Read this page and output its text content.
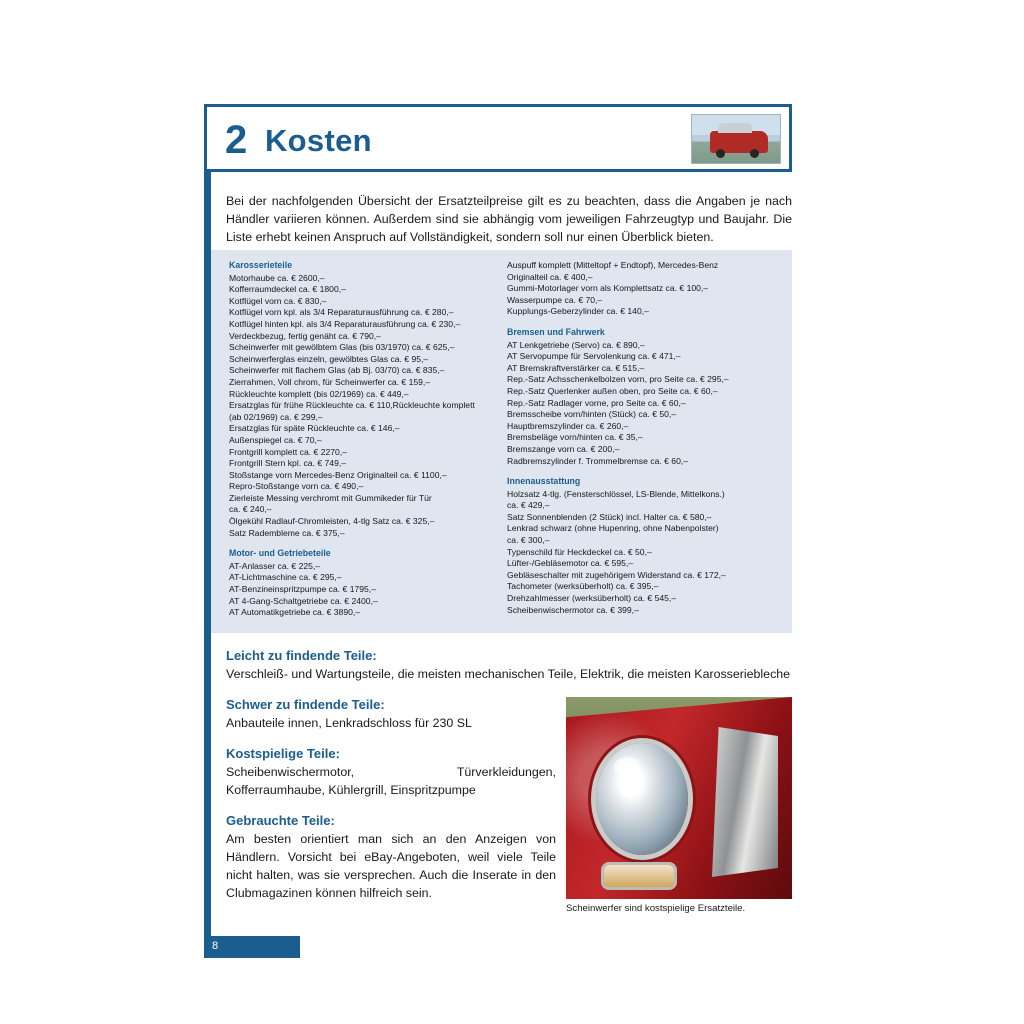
2 Kosten
Bei der nachfolgenden Übersicht der Ersatzteilpreise gilt es zu beachten, dass die Angaben je nach Händler variieren können. Außerdem sind sie abhängig vom jeweiligen Fahrzeugtyp und Baujahr. Die Liste erhebt keinen Anspruch auf Vollständigkeit, sondern soll nur einen Überblick bieten.
Karosserieteile
Motorhaube ca. € 2600,–
Kofferraumdeckel ca. € 1800,–
Kotflügel vorn ca. € 830,–
Kotflügel vorn kpl. als 3/4 Reparaturausführung ca. € 280,–
Kotflügel hinten kpl. als 3/4 Reparaturausführung ca. € 230,–
Verdeckbezug, fertig genäht ca. € 790,–
Scheinwerfer mit gewölbtem Glas (bis 03/1970) ca. € 625,–
Scheinwerferglas einzeln, gewölbtes Glas ca. € 95,–
Scheinwerfer mit flachem Glas (ab Bj. 03/70) ca. € 835,–
Zierrahmen, Voll chrom, für Scheinwerfer ca. € 159,–
Rückleuchte komplett (bis 02/1969) ca. € 449,–
Ersatzglas für frühe Rückleuchte ca. € 110,Rückleuchte komplett
(ab 02/1969) ca. € 299,–
Ersatzglas für späte Rückleuchte ca. € 146,–
Außenspiegel ca. € 70,–
Frontgrill komplett ca. € 2270,–
Frontgrill Stern kpl. ca. € 749,–
Stoßstange vorn Mercedes-Benz Originalteil ca. € 1100,–
Repro-Stoßstange vorn ca. € 490,–
Zierleiste Messing verchromt mit Gummikeder für Tür
ca. € 240,–
Ölgekühl Radlauf-Chromleisten, 4-tlg Satz ca. € 325,–
Satz Radembleme ca. € 375,–
Motor- und Getriebeteile
AT-Anlasser ca. € 225,–
AT-Lichtmaschine ca. € 295,–
AT-Benzineinspritzpumpe ca. € 1795,–
AT 4-Gang-Schaltgetriebe ca. € 2400,–
AT Automatikgetriebe ca. € 3890,–
Auspuff komplett (Mitteltopf + Endtopf), Mercedes-Benz
Originalteil ca. € 400,–
Gummi-Motorlager vorn als Komplettsatz ca. € 100,–
Wasserpumpe ca. € 70,–
Kupplungs-Geberzylinder ca. € 140,–
Bremsen und Fahrwerk
AT Lenkgetriebe (Servo) ca. € 890,–
AT Servopumpe für Servolenkung ca. € 471,–
AT Bremskraftverstärker ca. € 515,–
Rep.-Satz Achsschenkelbolzen vorn, pro Seite ca. € 295,–
Rep.-Satz Querlenker außen oben, pro Seite ca. € 60,–
Rep.-Satz Radlager vorne, pro Seite ca. € 60,–
Bremsscheibe vorn/hinten (Stück) ca. € 50,–
Hauptbremszylinder ca. € 260,–
Bremsbeläge vorn/hinten ca. € 35,–
Bremszange vorn ca. € 200,–
Radbremszylinder f. Trommelbremse ca. € 60,–
Innenausstattung
Holzsatz 4-tlg. (Fensterschlössel, LS-Blende, Mittelkons.)
ca. € 429,–
Satz Sonnenblenden (2 Stück) incl. Halter ca. € 580,–
Lenkrad schwarz (ohne Hupenring, ohne Nabenpolster)
ca. € 300,–
Typenschild für Heckdeckel ca. € 50,–
Lüfter-/Gebläsemotor ca. € 595,–
Gebläseschalter mit zugehörigem Widerstand ca. € 172,–
Tachometer (werksüberholt) ca. € 395,–
Drehzahlmesser (werksüberholt) ca. € 545,–
Scheibenwischermotor ca. € 399,–
Leicht zu findende Teile:
Verschleiß- und Wartungsteile, die meisten mechanischen Teile, Elektrik, die meisten Karosseriebleche
Schwer zu findende Teile:
Anbauteile innen, Lenkradschloss für 230 SL
Kostspielige Teile:
Scheibenwischermotor, Türverkleidungen, Kofferraumhaube, Kühlergrill, Einspritzpumpe
Gebrauchte Teile:
Am besten orientiert man sich an den Anzeigen von Händlern. Vorsicht bei eBay-Angeboten, weil viele Teile nicht halten, was sie versprechen. Auch die Inserate in den Clubmagazinen können hilfreich sein.
Scheinwerfer sind kostspielige Ersatzteile.
8
